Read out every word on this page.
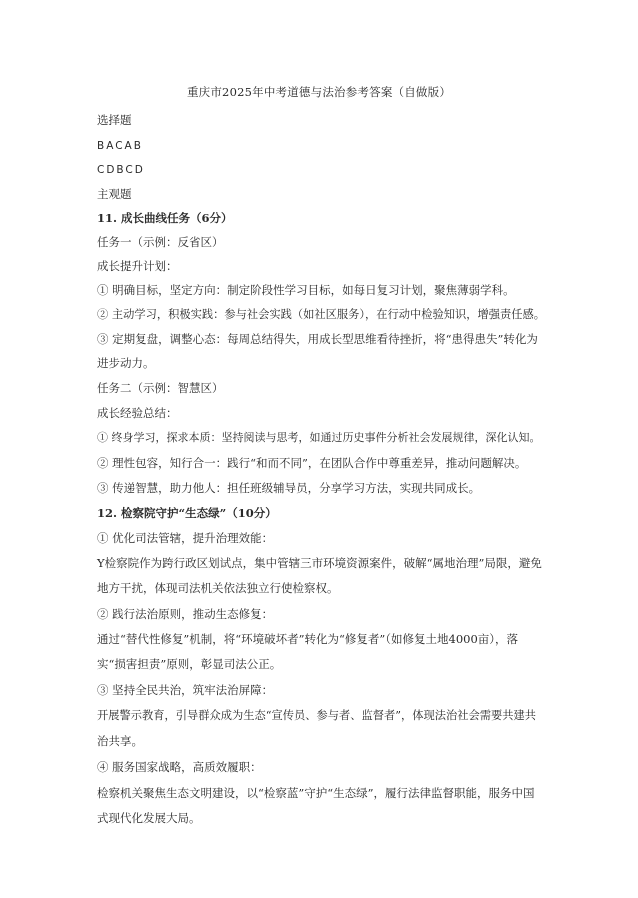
重庆市2025年中考道德与法治参考答案（自做版）
选择题
BACAB
CDBCD
主观题
11. 成长曲线任务（6分）
任务一（示例：反省区）
成长提升计划：
① 明确目标，坚定方向：制定阶段性学习目标，如每日复习计划，聚焦薄弱学科。
② 主动学习，积极实践：参与社会实践（如社区服务），在行动中检验知识，增强责任感。
③ 定期复盘，调整心态：每周总结得失，用成长型思维看待挫折，将“患得患失”转化为
进步动力。
任务二（示例：智慧区）
成长经验总结：
① 终身学习，探求本质：坚持阅读与思考，如通过历史事件分析社会发展规律，深化认知。
② 理性包容，知行合一：践行“和而不同”，在团队合作中尊重差异，推动问题解决。
③ 传递智慧，助力他人：担任班级辅导员，分享学习方法，实现共同成长。
12. 检察院守护“生态绿”（10分）
① 优化司法管辖，提升治理效能：
Y检察院作为跨行政区划试点，集中管辖三市环境资源案件，破解“属地治理”局限，避免
地方干扰，体现司法机关依法独立行使检察权。
② 践行法治原则，推动生态修复：
通过“替代性修复”机制，将“环境破坏者”转化为“修复者”（如修复土地4000亩），落
实“损害担责”原则，彰显司法公正。
③ 坚持全民共治，筑牢法治屏障：
开展警示教育，引导群众成为生态“宣传员、参与者、监督者”，体现法治社会需要共建共
治共享。
④ 服务国家战略，高质效履职：
检察机关聚焦生态文明建设，以“检察蓝”守护“生态绿”，履行法律监督职能，服务中国
式现代化发展大局。
